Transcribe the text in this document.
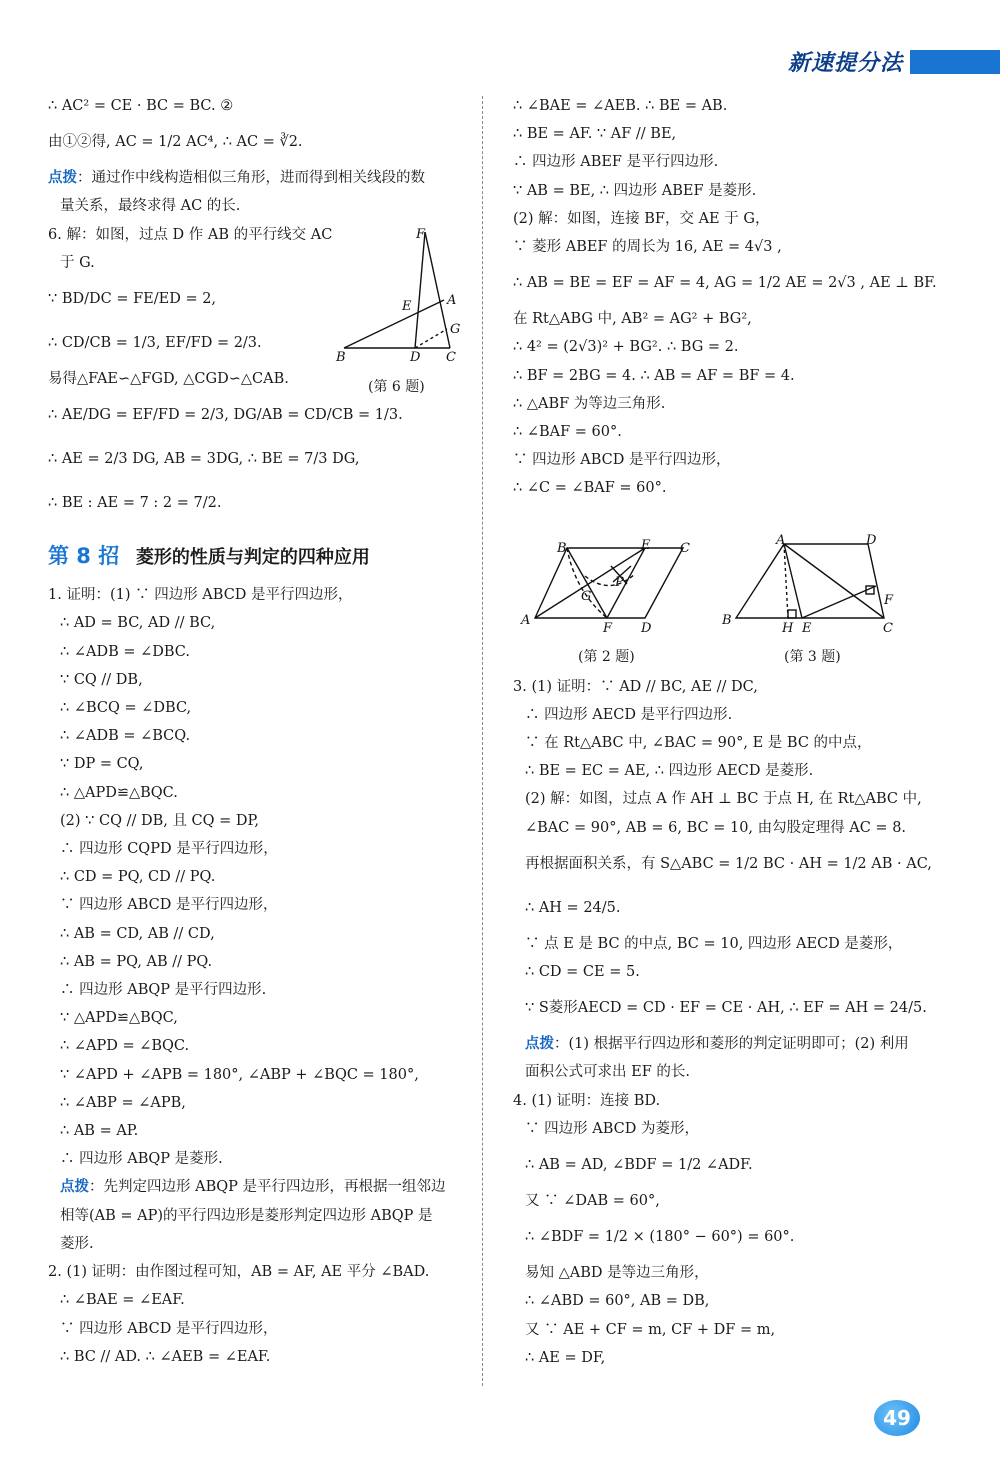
新速提分法
∴ AC² = CE · BC = BC. ②
由①②得, AC = 1/2 AC⁴, ∴ AC = ∛2.
点拨：通过作中线构造相似三角形，进而得到相关线段的数
量关系，最终求得 AC 的长.
6. 解：如图，过点 D 作 AB 的平行线交 AC
于 G.
∵ BD/DC = FE/ED = 2,
∴ CD/CB = 1/3, EF/FD = 2/3.
易得△FAE∽△FGD, △CGD∽△CAB.
∴ AE/DG = EF/FD = 2/3, DG/AB = CD/CB = 1/3.
∴ AE = 2/3 DG, AB = 3DG, ∴ BE = 7/3 DG,
∴ BE : AE = 7 : 2 = 7/2.
第 8 招 菱形的性质与判定的四种应用
1. 证明：(1) ∵ 四边形 ABCD 是平行四边形，
∴ AD = BC, AD // BC,
∴ ∠ADB = ∠DBC.
∵ CQ // DB,
∴ ∠BCQ = ∠DBC,
∴ ∠ADB = ∠BCQ.
∵ DP = CQ,
∴ △APD≌△BQC.
(2) ∵ CQ // DB, 且 CQ = DP,
∴ 四边形 CQPD 是平行四边形，
∴ CD = PQ, CD // PQ.
∵ 四边形 ABCD 是平行四边形，
∴ AB = CD, AB // CD,
∴ AB = PQ, AB // PQ.
∴ 四边形 ABQP 是平行四边形.
∵ △APD≌△BQC,
∴ ∠APD = ∠BQC.
∵ ∠APD + ∠APB = 180°, ∠ABP + ∠BQC = 180°,
∴ ∠ABP = ∠APB,
∴ AB = AP.
∴ 四边形 ABQP 是菱形.
点拨：先判定四边形 ABQP 是平行四边形，再根据一组邻边
相等(AB = AP)的平行四边形是菱形判定四边形 ABQP 是
菱形.
2. (1) 证明：由作图过程可知，AB = AF, AE 平分 ∠BAD.
∴ ∠BAE = ∠EAF.
∵ 四边形 ABCD 是平行四边形，
∴ BC // AD. ∴ ∠AEB = ∠EAF.
F
E	A
G
B	D C
(第 6 题)
∴ ∠BAE = ∠AEB. ∴ BE = AB.
∴ BE = AF. ∵ AF // BE,
∴ 四边形 ABEF 是平行四边形.
∵ AB = BE, ∴ 四边形 ABEF 是菱形.
(2) 解：如图，连接 BF，交 AE 于 G，
∵ 菱形 ABEF 的周长为 16, AE = 4√3 ,
∴ AB = BE = EF = AF = 4, AG = 1/2 AE = 2√3 , AE ⊥ BF.
在 Rt△ABG 中, AB² = AG² + BG²,
∴ 4² = (2√3)² + BG². ∴ BG = 2.
∴ BF = 2BG = 4. ∴ AB = AF = BF = 4.
∴ △ABF 为等边三角形.
∴ ∠BAF = 60°.
∵ 四边形 ABCD 是平行四边形，
∴ ∠C = ∠BAF = 60°.
3. (1) 证明：∵ AD // BC, AE // DC,
∴ 四边形 AECD 是平行四边形.
∵ 在 Rt△ABC 中, ∠BAC = 90°, E 是 BC 的中点，
∴ BE = EC = AE, ∴ 四边形 AECD 是菱形.
(2) 解：如图，过点 A 作 AH ⊥ BC 于点 H, 在 Rt△ABC 中,
∠BAC = 90°, AB = 6, BC = 10, 由勾股定理得 AC = 8.
再根据面积关系，有 S△ABC = 1/2 BC · AH = 1/2 AB · AC,
∴ AH = 24/5.
∵ 点 E 是 BC 的中点, BC = 10, 四边形 AECD 是菱形，
∴ CD = CE = 5.
∵ S菱形AECD = CD · EF = CE · AH, ∴ EF = AH = 24/5.
点拨：(1) 根据平行四边形和菱形的判定证明即可；(2) 利用
面积公式可求出 EF 的长.
4. (1) 证明：连接 BD.
∵ 四边形 ABCD 为菱形，
∴ AB = AD, ∠BDF = 1/2 ∠ADF.
又 ∵ ∠DAB = 60°,
∴ ∠BDF = 1/2 × (180° − 60°) = 60°.
易知 △ABD 是等边三角形，
∴ ∠ABD = 60°, AB = DB,
又 ∵ AE + CF = m, CF + DF = m,
∴ AE = DF,
A
B	E C
F D
P
G
(第 2 题)
A	D
B
H E	C
F
(第 3 题)
49
